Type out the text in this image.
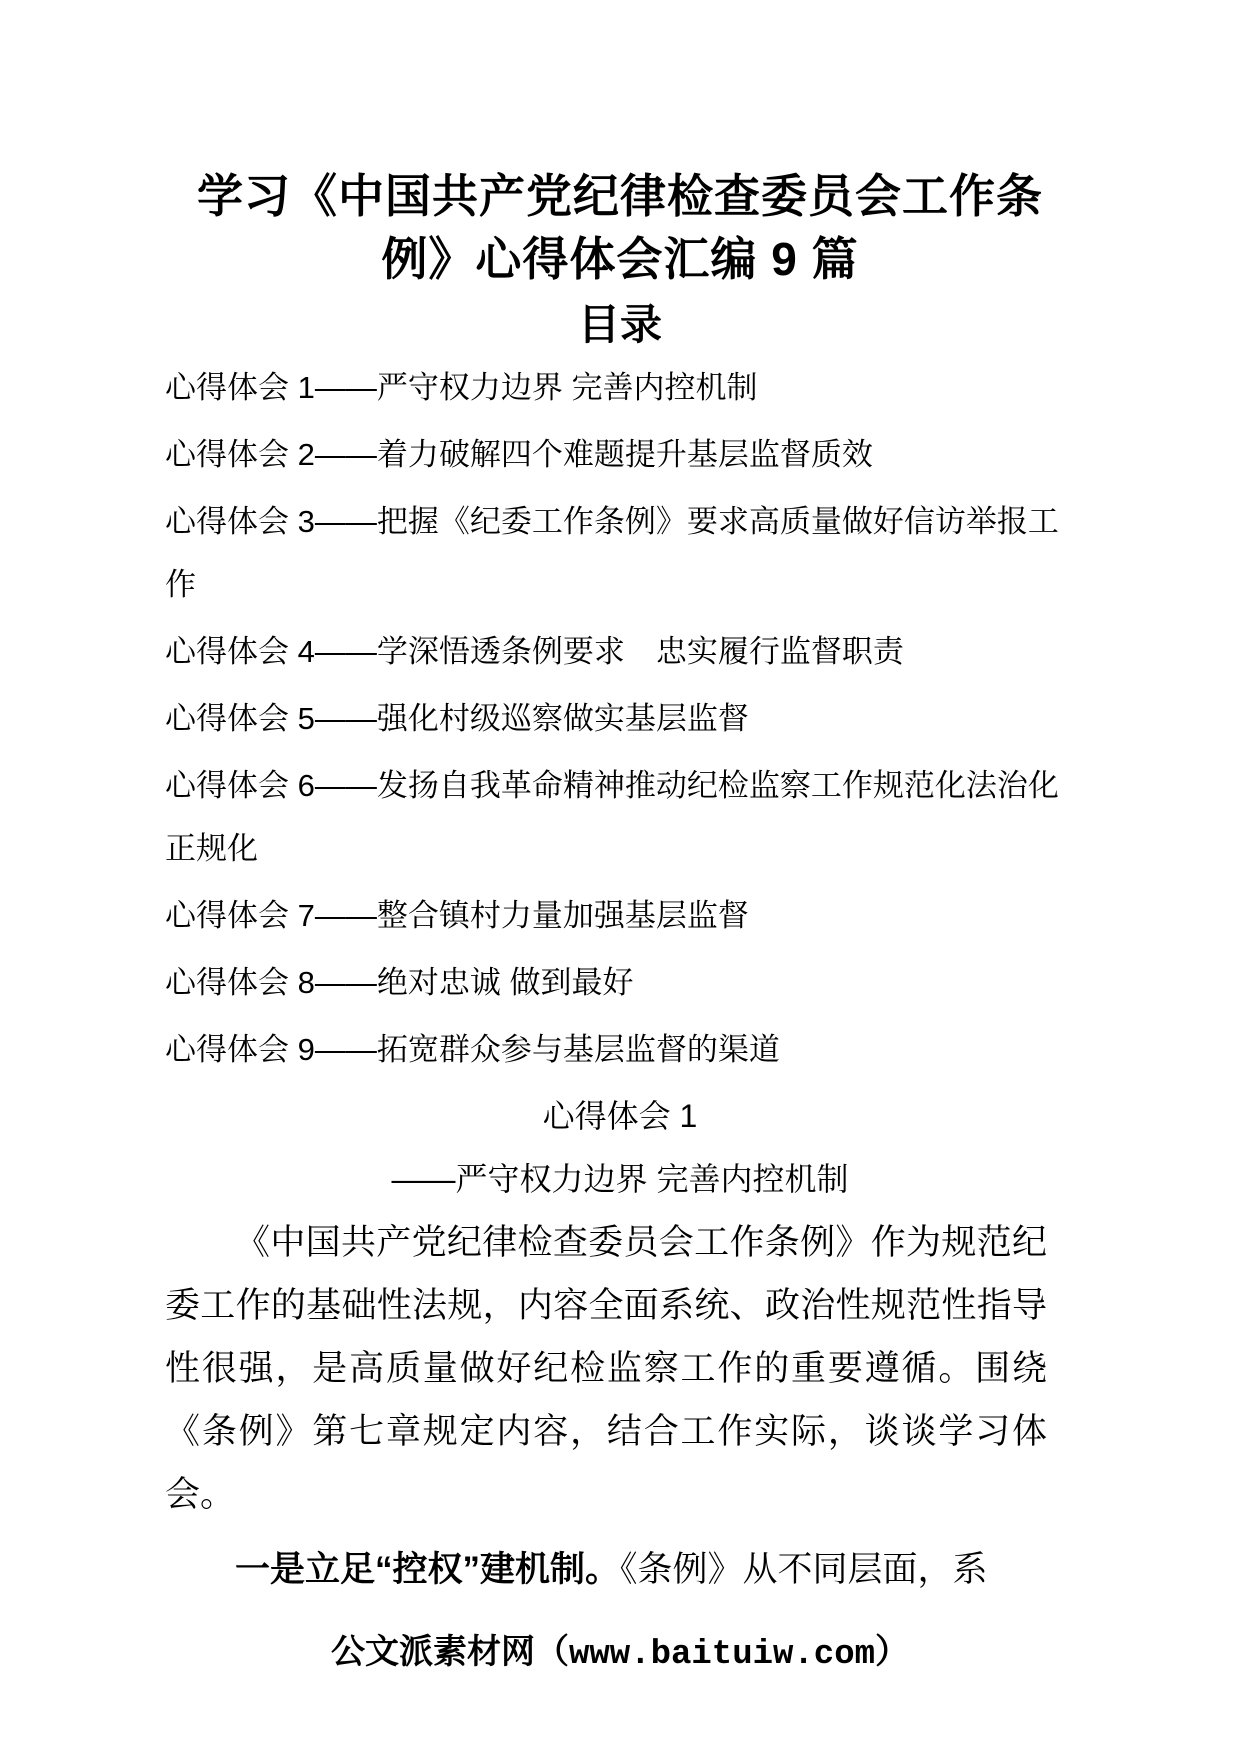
学习《中国共产党纪律检查委员会工作条例》心得体会汇编 9 篇
目录

心得体会 1——严守权力边界 完善内控机制

心得体会 2——着力破解四个难题提升基层监督质效

心得体会 3——把握《纪委工作条例》要求高质量做好信访举报工作

心得体会 4——学深悟透条例要求　忠实履行监督职责

心得体会 5——强化村级巡察做实基层监督

心得体会 6——发扬自我革命精神推动纪检监察工作规范化法治化正规化

心得体会 7——整合镇村力量加强基层监督

心得体会 8——绝对忠诚 做到最好

心得体会 9——拓宽群众参与基层监督的渠道

心得体会 1

——严守权力边界 完善内控机制

《中国共产党纪律检查委员会工作条例》作为规范纪委工作的基础性法规，内容全面系统、政治性规范性指导性很强，是高质量做好纪检监察工作的重要遵循。围绕《条例》第七章规定内容，结合工作实际，谈谈学习体会。

一是立足“控权”建机制。《条例》从不同层面，系

公文派素材网（www.baituiw.com）
